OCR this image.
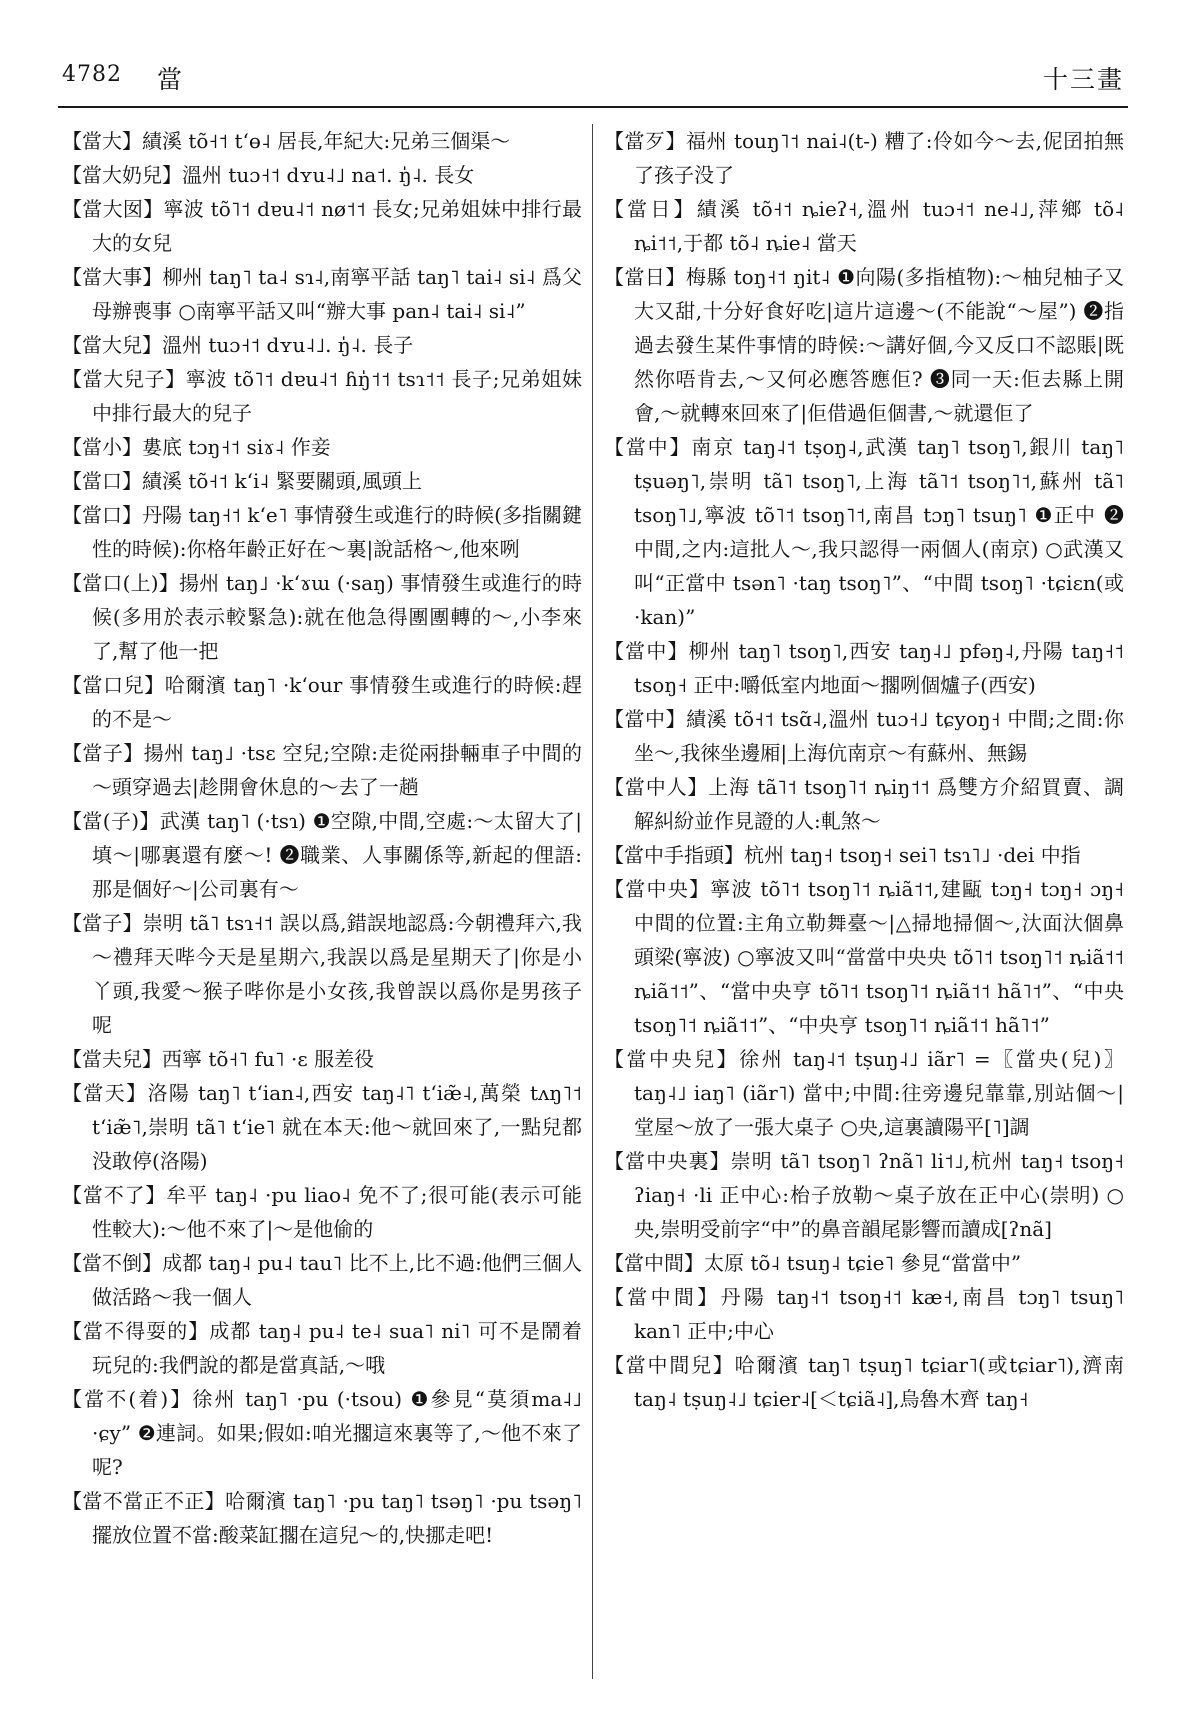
4782 當	十三畫

【當大】績溪 tõ˧˦ tʻɵ˨ 居長,年紀大:兄弟三個渠～

【當大奶兒】溫州 tuɔ˧˦ dʏu˨˩ na˦. ŋ̍˨. 長女

【當大囡】寧波 tõ˥˦ dɐu˨˦ nø˦˦ 長女;兄弟姐妹中排行最大的女兒

【當大事】柳州 taŋ˥ ta˨ sɿ˨,南寧平話 taŋ˥ tai˨ si˨ 爲父母辦喪事 ○南寧平話又叫“辦大事 pan˨ tai˨ si˨”

【當大兒】溫州 tuɔ˧˦ dʏu˨˩. ŋ̍˨. 長子

【當大兒子】寧波 tõ˥˦ dɐu˨˦ ɦŋ̍˦˦ tsɿ˦˦ 長子;兄弟姐妹中排行最大的兒子

【當小】婁底 tɔŋ˧˦ siɤ˨ 作妾

【當口】績溪 tõ˧˦ kʻi˨ 緊要關頭,風頭上

【當口】丹陽 taŋ˧˦ kʻe˥ 事情發生或進行的時候(多指關鍵性的時候):你格年齡正好在～裏|說話格～,他來咧

【當口(上)】揚州 taŋ˩ ·kʻɤɯ (·saŋ) 事情發生或進行的時候(多用於表示較緊急):就在他急得團團轉的～,小李來了,幫了他一把

【當口兒】哈爾濱 taŋ˥ ·kʻour 事情發生或進行的時候:趕的不是～

【當子】揚州 taŋ˩ ·tsɛ 空兒;空隙:走從兩掛輛車子中間的～頭穿過去|趁開會休息的～去了一趟

【當(子)】武漢 taŋ˥ (·tsɿ) ❶空隙,中間,空處:～太留大了|填～|哪裏還有麼～! ❷職業、人事關係等,新起的俚語:那是個好～|公司裏有～

【當子】崇明 tã˥ tsɿ˧˦ 誤以爲,錯誤地認爲:今朝禮拜六,我～禮拜天哔今天是星期六,我誤以爲是星期天了|你是小丫頭,我愛～猴子哔你是小女孩,我曾誤以爲你是男孩子呢

【當夫兒】西寧 tõ˧˥ fu˥ ·ɛ 服差役

【當天】洛陽 taŋ˥ tʻian˨,西安 taŋ˨˥ tʻiæ̃˨,萬榮 tʌŋ˥˦ tʻiæ̃˥,崇明 tã˥ tʻie˥ 就在本天:他～就回來了,一點兒都没敢停(洛陽)

【當不了】牟平 taŋ˨ ·pu liao˨ 免不了;很可能(表示可能性較大):～他不來了|～是他偷的

【當不倒】成都 taŋ˨ pu˨ tau˥ 比不上,比不過:他們三個人做活路～我一個人

【當不得耍的】成都 taŋ˨ pu˨ te˨ sua˥ ni˥ 可不是鬧着玩兒的:我們說的都是當真話,～哦

【當不(着)】徐州 taŋ˥ ·pu (·tsou) ❶參見“莫須ma˨˩ ·ɕy” ❷連詞。如果;假如:咱光擱這來裏等了,～他不來了呢?

【當不當正不正】哈爾濱 taŋ˥ ·pu taŋ˥ tsəŋ˥ ·pu tsəŋ˥ 擺放位置不當:酸菜缸擱在這兒～的,快挪走吧!

【當歹】福州 touŋ˥˦ nai˨(t-) 糟了:伶如今～去,伲囝拍無了孩子没了

【當日】績溪 tõ˧˦ ȵieʔ˧,溫州 tuɔ˧˦ ne˨˩,萍鄉 tõ˨ ȵi˦˦,于都 tõ˨ ȵie˨ 當天

【當日】梅縣 toŋ˧˦ ŋit˨ ❶向陽(多指植物):～柚兒柚子又大又甜,十分好食好吃|這片這邊～(不能說“～屋”) ❷指過去發生某件事情的時候:～講好個,今又反口不認賬|既然你唔肯去,～又何必應答應佢? ❸同一天:佢去縣上開會,～就轉來回來了|佢借過佢個書,～就還佢了

【當中】南京 taŋ˨˦ tṣoŋ˨,武漢 taŋ˥ tsoŋ˥,銀川 taŋ˥ tṣuəŋ˥,崇明 tã˥ tsoŋ˥,上海 tã˥˦ tsoŋ˥˦,蘇州 tã˥ tsoŋ˥˩,寧波 tõ˥˦ tsoŋ˥˦,南昌 tɔŋ˥ tsuŋ˥ ❶正中 ❷中間,之内:這批人～,我只認得一兩個人(南京) ○武漢又叫“正當中 tsən˥ ·taŋ tsoŋ˥”、“中間 tsoŋ˥ ·tɕiɛn(或 ·kan)”

【當中】柳州 taŋ˥ tsoŋ˥,西安 taŋ˨˩ pfəŋ˨,丹陽 taŋ˧˦ tsoŋ˧ 正中:嚼低室内地面～擱咧個爐子(西安)

【當中】績溪 tõ˧˦ tsɑ̃˨,溫州 tuɔ˧˩ tɕyoŋ˧ 中間;之間:你坐～,我徠坐邊厢|上海伉南京～有蘇州、無錫

【當中人】上海 tã˥˦ tsoŋ˥˦ ȵiŋ˦˦ 爲雙方介紹買賣、調解糾紛並作見證的人:軋煞～

【當中手指頭】杭州 taŋ˧ tsoŋ˧ sei˥ tsɿ˥˩ ·dei 中指

【當中央】寧波 tõ˥˦ tsoŋ˥˦ ȵiã˦˦,建甌 tɔŋ˧ tɔŋ˧ ɔŋ˧ 中間的位置:主角立勒舞臺～|△掃地掃個～,汏面汏個鼻頭梁(寧波) ○寧波又叫“當當中央央 tõ˥˦ tsoŋ˥˦ ȵiã˦˦ ȵiã˦˦”、“當中央亨 tõ˥˦ tsoŋ˥˦ ȵiã˦˦ hã˥˦”、“中央 tsoŋ˥˦ ȵiã˦˦”、“中央亨 tsoŋ˥˦ ȵiã˦˦ hã˥˦”

【當中央兒】徐州 taŋ˨˦ tṣuŋ˨˩ iãr˥ =〖當央(兒)〗 taŋ˨˩ iaŋ˥ (iãr˥) 當中;中間:往旁邊兒靠靠,別站個～|堂屋～放了一張大桌子 ○央,這裏讀陽平[˥]調

【當中央裏】崇明 tã˥ tsoŋ˥ ʔnã˥ li˦˩,杭州 taŋ˧ tsoŋ˧ ʔiaŋ˧ ·li 正中心:枱子放勒～桌子放在正中心(崇明) ○央,崇明受前字“中”的鼻音韻尾影響而讀成[ʔnã]

【當中間】太原 tõ˨ tsuŋ˨ tɕie˥ 參見“當當中”

【當中間】丹陽 taŋ˧˦ tsoŋ˧˦ kæ˧,南昌 tɔŋ˥ tsuŋ˥ kan˥ 正中;中心

【當中間兒】哈爾濱 taŋ˥ tṣuŋ˥ tɕiar˥(或tɕiar˥),濟南 taŋ˨ tṣuŋ˨˩ tɕier˨[＜tɕiã˨],烏魯木齊 taŋ˧
